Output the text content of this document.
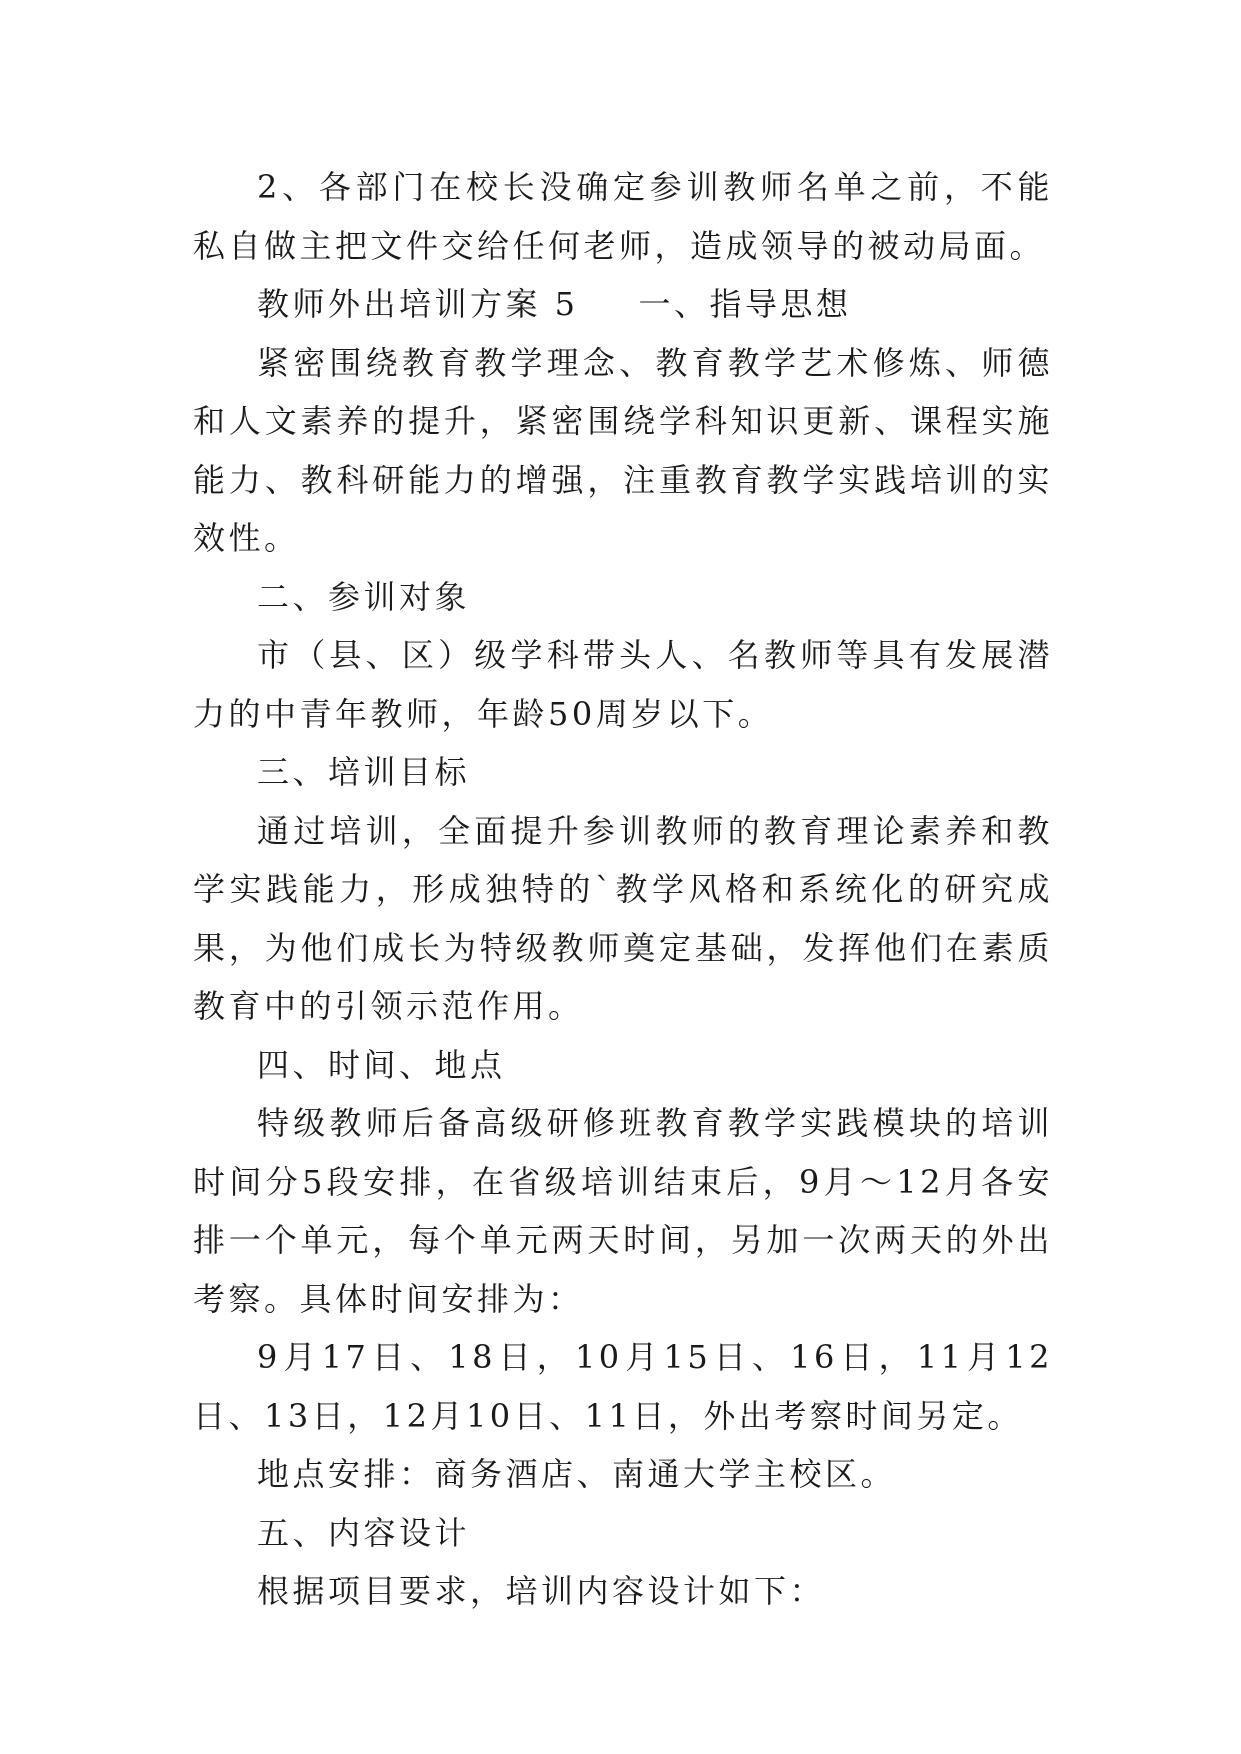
2、各部门在校长没确定参训教师名单之前，不能私自做主把文件交给任何老师，造成领导的被动局面。

教师外出培训方案 5 一、指导思想

紧密围绕教育教学理念、教育教学艺术修炼、师德和人文素养的提升，紧密围绕学科知识更新、课程实施能力、教科研能力的增强，注重教育教学实践培训的实效性。

二、参训对象

市（县、区）级学科带头人、名教师等具有发展潜力的中青年教师，年龄50周岁以下。

三、培训目标

通过培训，全面提升参训教师的教育理论素养和教学实践能力，形成独特的`教学风格和系统化的研究成果，为他们成长为特级教师奠定基础，发挥他们在素质教育中的引领示范作用。

四、时间、地点

特级教师后备高级研修班教育教学实践模块的培训时间分5段安排，在省级培训结束后，9月～12月各安排一个单元，每个单元两天时间，另加一次两天的外出考察。具体时间安排为：

9月17日、18日，10月15日、16日，11月12日、13日，12月10日、11日，外出考察时间另定。

地点安排：商务酒店、南通大学主校区。

五、内容设计

根据项目要求，培训内容设计如下：
